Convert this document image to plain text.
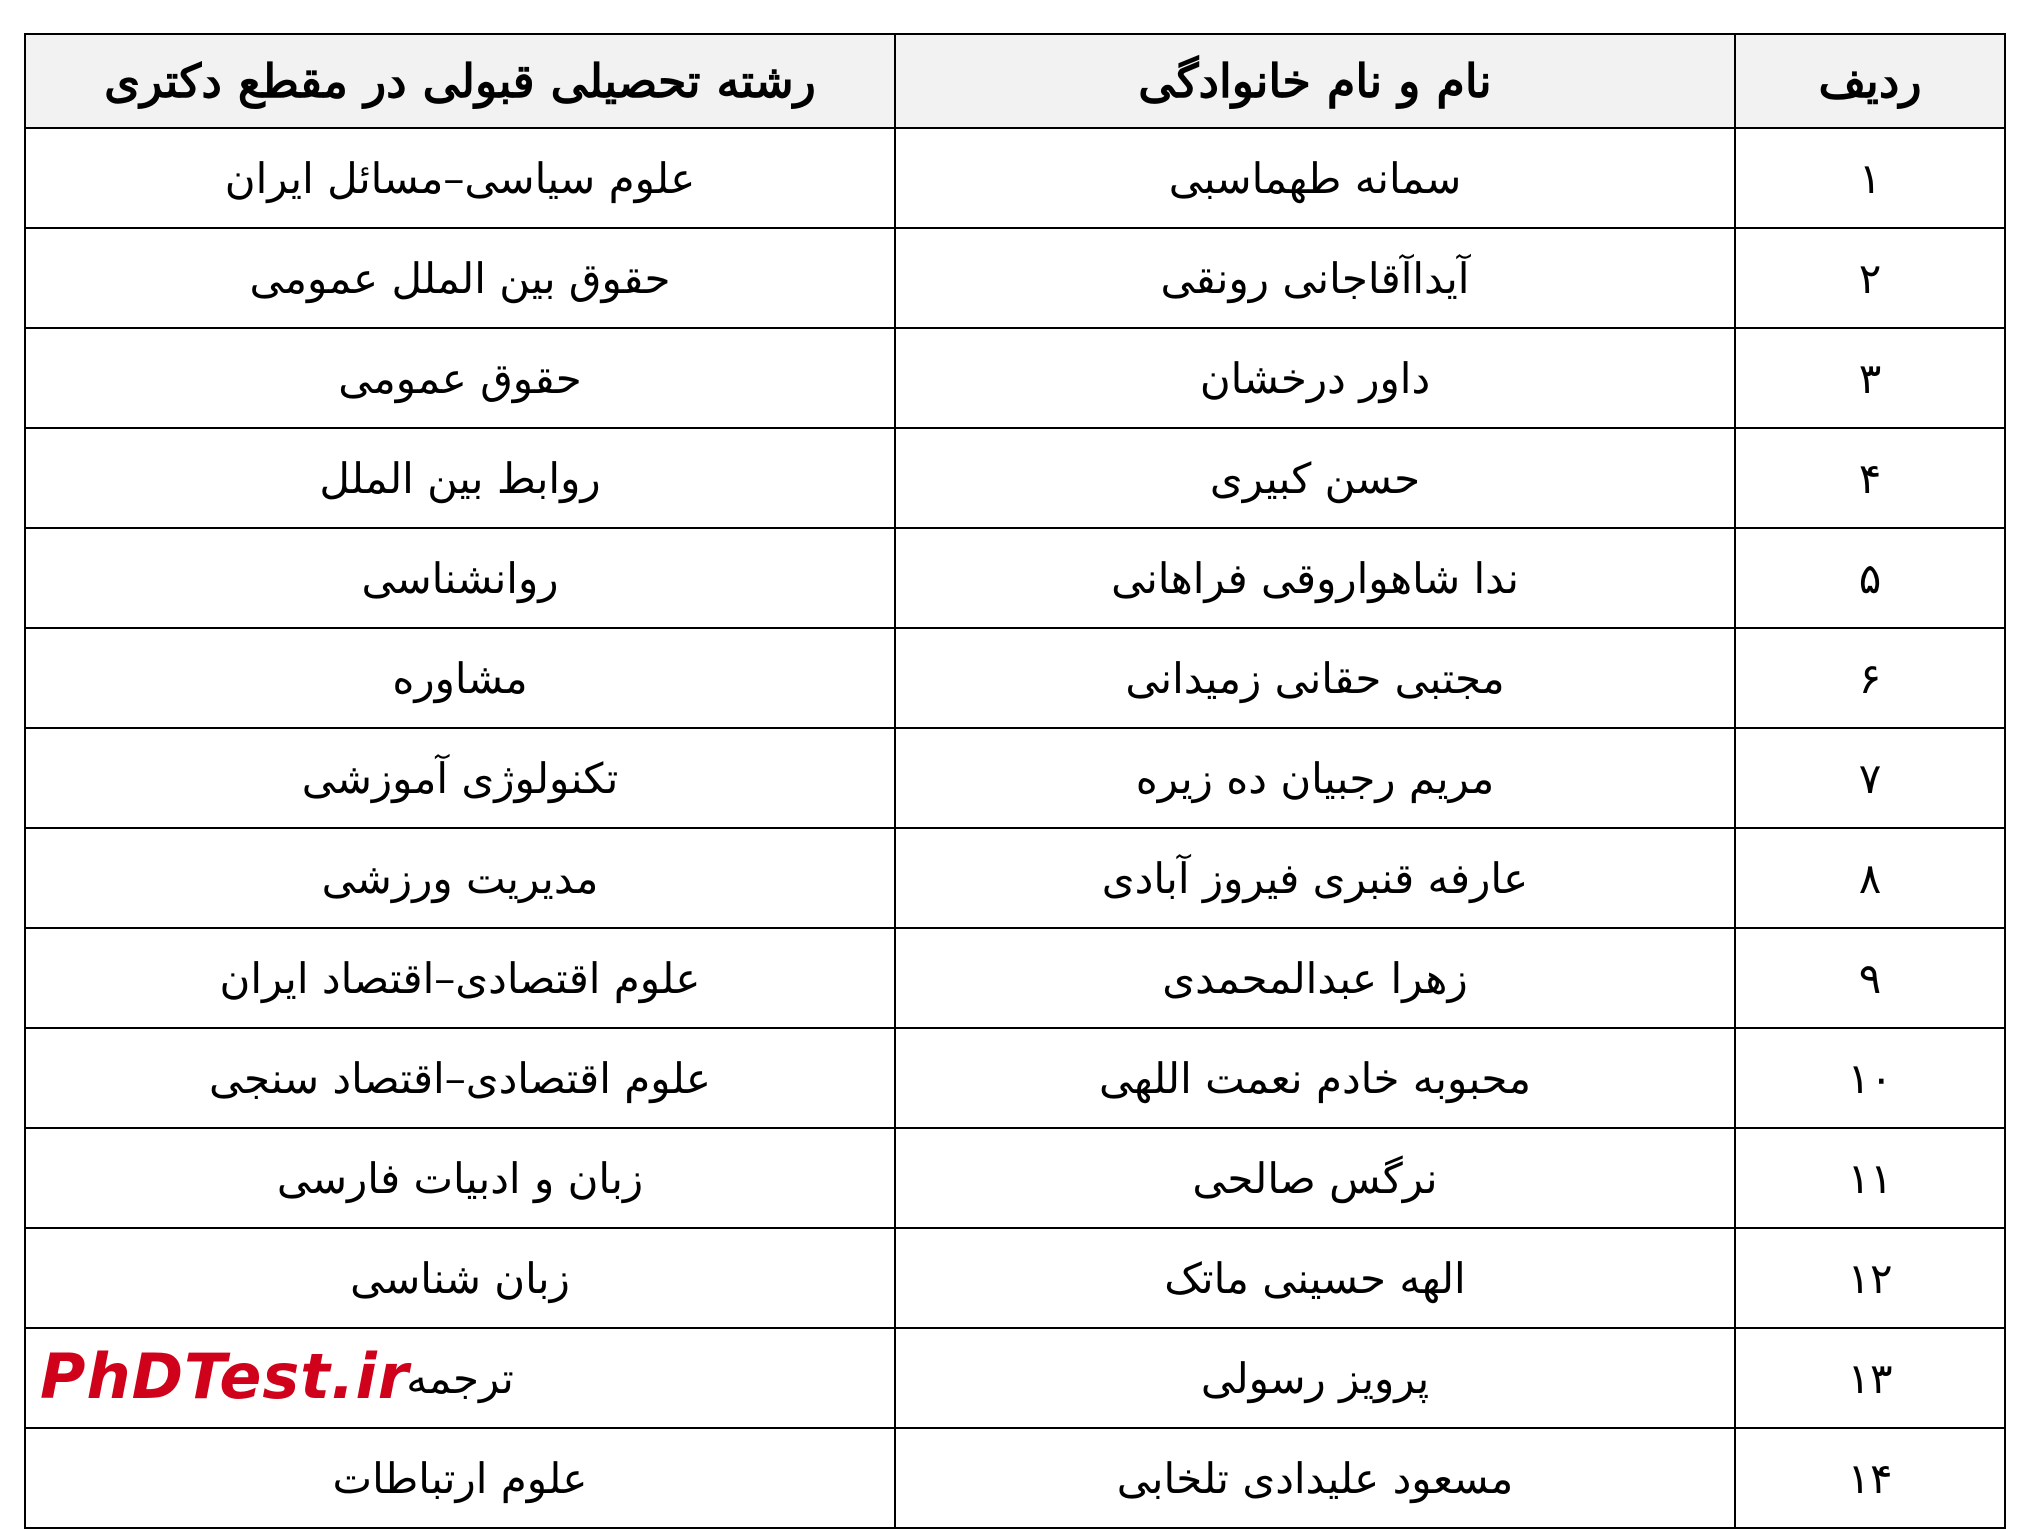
ردیف	نام و نام خانوادگی	رشته تحصیلی قبولی در مقطع دکتری
۱	سمانه طهماسبی	علوم سیاسی–مسائل ایران
۲	آیداآقاجانی رونقی	حقوق بین الملل عمومی
۳	داور درخشان	حقوق عمومی
۴	حسن کبیری	روابط بین الملل
۵	ندا شاهوارو‌قی فراهانی	روانشناسی
۶	مجتبی حقانی زمیدانی	مشاوره
۷	مریم رجبیان ده زیره	تکنولوژی آموزشی
۸	عارفه قنبری فیروز آبادی	مدیریت ورزشی
۹	زهرا عبدالمحمدی	علوم اقتصادی–اقتصاد ایران
۱۰	محبوبه خادم نعمت اللهی	علوم اقتصادی–اقتصاد سنجی
۱۱	نرگس صالحی	زبان و ادبیات فارسی
۱۲	الهه حسینی ماتک	زبان شناسی
۱۳	پرویز رسولی	ترجمه
PhDTest.ir

۱۴	مسعود علیدادی تلخابی	علوم ارتباطات
